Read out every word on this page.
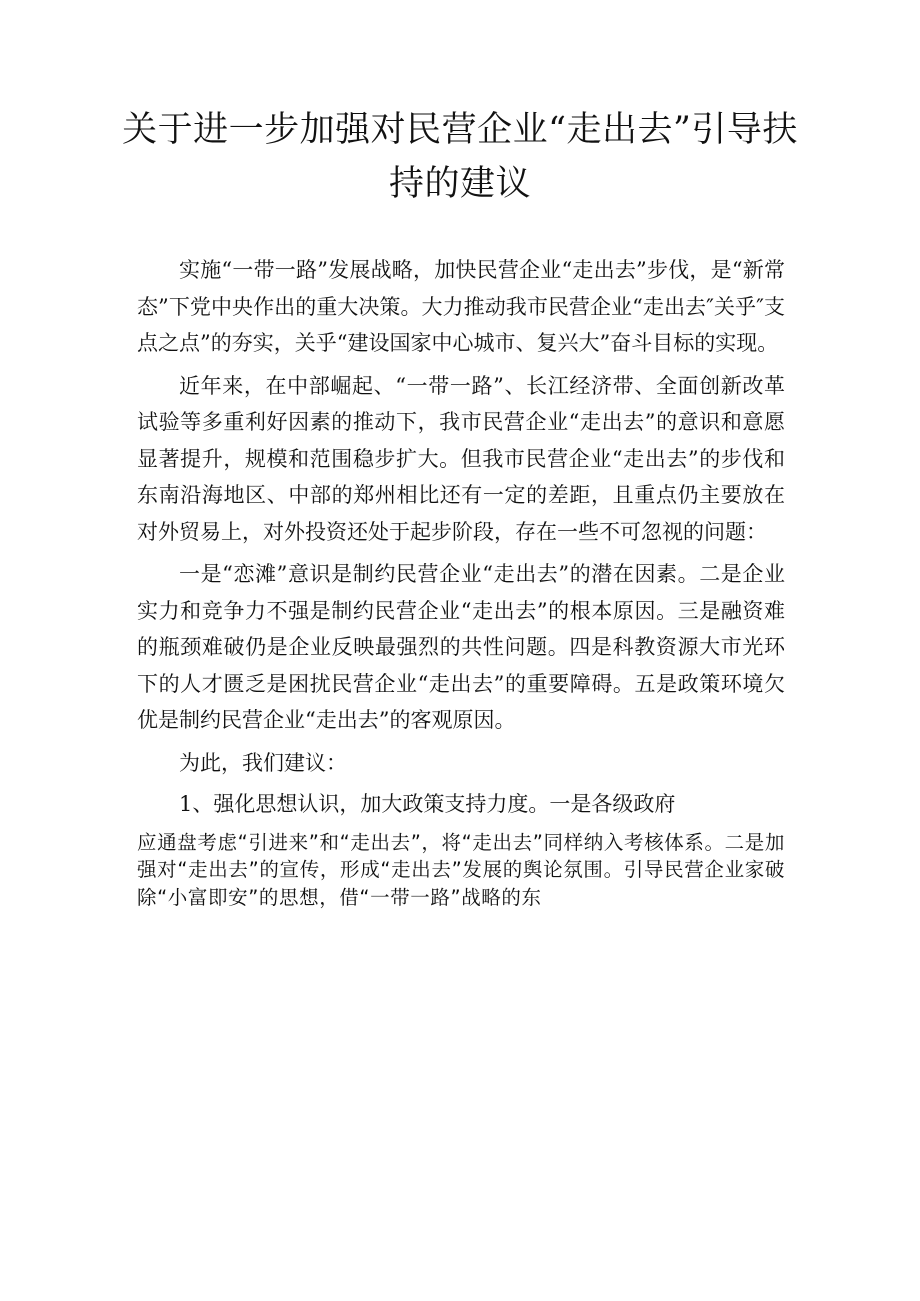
关于进一步加强对民营企业“走出去”引导扶持的建议

实施“一带一路”发展战略，加快民营企业“走出去”步伐，是“新常态”下党中央作出的重大决策。大力推动我市民营企业“走出去″关乎″支点之点”的夯实，关乎“建设国家中心城市、复兴大”奋斗目标的实现。

近年来，在中部崛起、“一带一路”、长江经济带、全面创新改革试验等多重利好因素的推动下，我市民营企业“走出去”的意识和意愿显著提升，规模和范围稳步扩大。但我市民营企业“走出去”的步伐和东南沿海地区、中部的郑州相比还有一定的差距，且重点仍主要放在对外贸易上，对外投资还处于起步阶段，存在一些不可忽视的问题：

一是“恋滩”意识是制约民营企业“走出去”的潜在因素。二是企业实力和竞争力不强是制约民营企业“走出去”的根本原因。三是融资难的瓶颈难破仍是企业反映最强烈的共性问题。四是科教资源大市光环下的人才匮乏是困扰民营企业“走出去”的重要障碍。五是政策环境欠优是制约民营企业“走出去”的客观原因。

为此，我们建议：

1、强化思想认识，加大政策支持力度。一是各级政府

应通盘考虑“引进来”和“走出去”，将“走出去”同样纳入考核体系。二是加强对“走出去”的宣传，形成“走出去”发展的舆论氛围。引导民营企业家破除“小富即安”的思想，借“一带一路”战略的东
